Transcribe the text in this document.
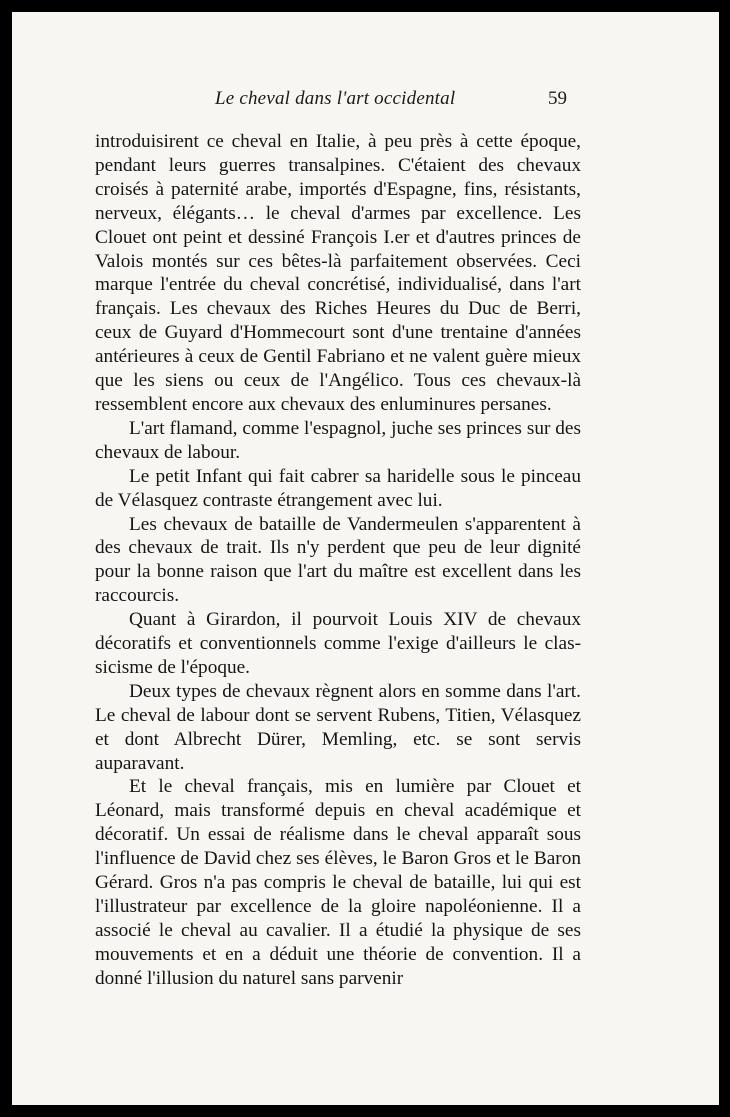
Le cheval dans l'art occidental	59

introduisirent ce cheval en Italie, à peu près à cette époque, pendant leurs guerres transalpines. C'étaient des chevaux croisés à paternité arabe, importés d'Espagne, fins, résistants, nerveux, élégants… le cheval d'armes par excellence. Les Clouet ont peint et dessiné François I.er et d'autres princes de Valois montés sur ces bêtes-là parfaitement observées. Ceci marque l'entrée du cheval concrétisé, individualisé, dans l'art français. Les chevaux des Riches Heures du Duc de Berri, ceux de Guyard d'Hommecourt sont d'une trentaine d'années antérieures à ceux de Gentil Fabriano et ne valent guère mieux que les siens ou ceux de l'Angélico. Tous ces chevaux-là ressemblent encore aux chevaux des enluminures persanes.

L'art flamand, comme l'espagnol, juche ses princes sur des chevaux de labour.

Le petit Infant qui fait cabrer sa haridelle sous le pinceau de Vélasquez contraste étrangement avec lui.

Les chevaux de bataille de Vandermeulen s'apparentent à des chevaux de trait. Ils n'y perdent que peu de leur dignité pour la bonne raison que l'art du maître est excellent dans les raccourcis.

Quant à Girardon, il pourvoit Louis XIV de chevaux décoratifs et conventionnels comme l'exige d'ailleurs le classicisme de l'époque.

Deux types de chevaux règnent alors en somme dans l'art. Le cheval de labour dont se servent Rubens, Titien, Vélasquez et dont Albrecht Dürer, Memling, etc. se sont servis auparavant.

Et le cheval français, mis en lumière par Clouet et Léonard, mais transformé depuis en cheval académique et décoratif. Un essai de réalisme dans le cheval apparaît sous l'influence de David chez ses élèves, le Baron Gros et le Baron Gérard. Gros n'a pas compris le cheval de bataille, lui qui est l'illustrateur par excellence de la gloire napoléonienne. Il a associé le cheval au cavalier. Il a étudié la physique de ses mouvements et en a déduit une théorie de convention. Il a donné l'illusion du naturel sans parvenir
